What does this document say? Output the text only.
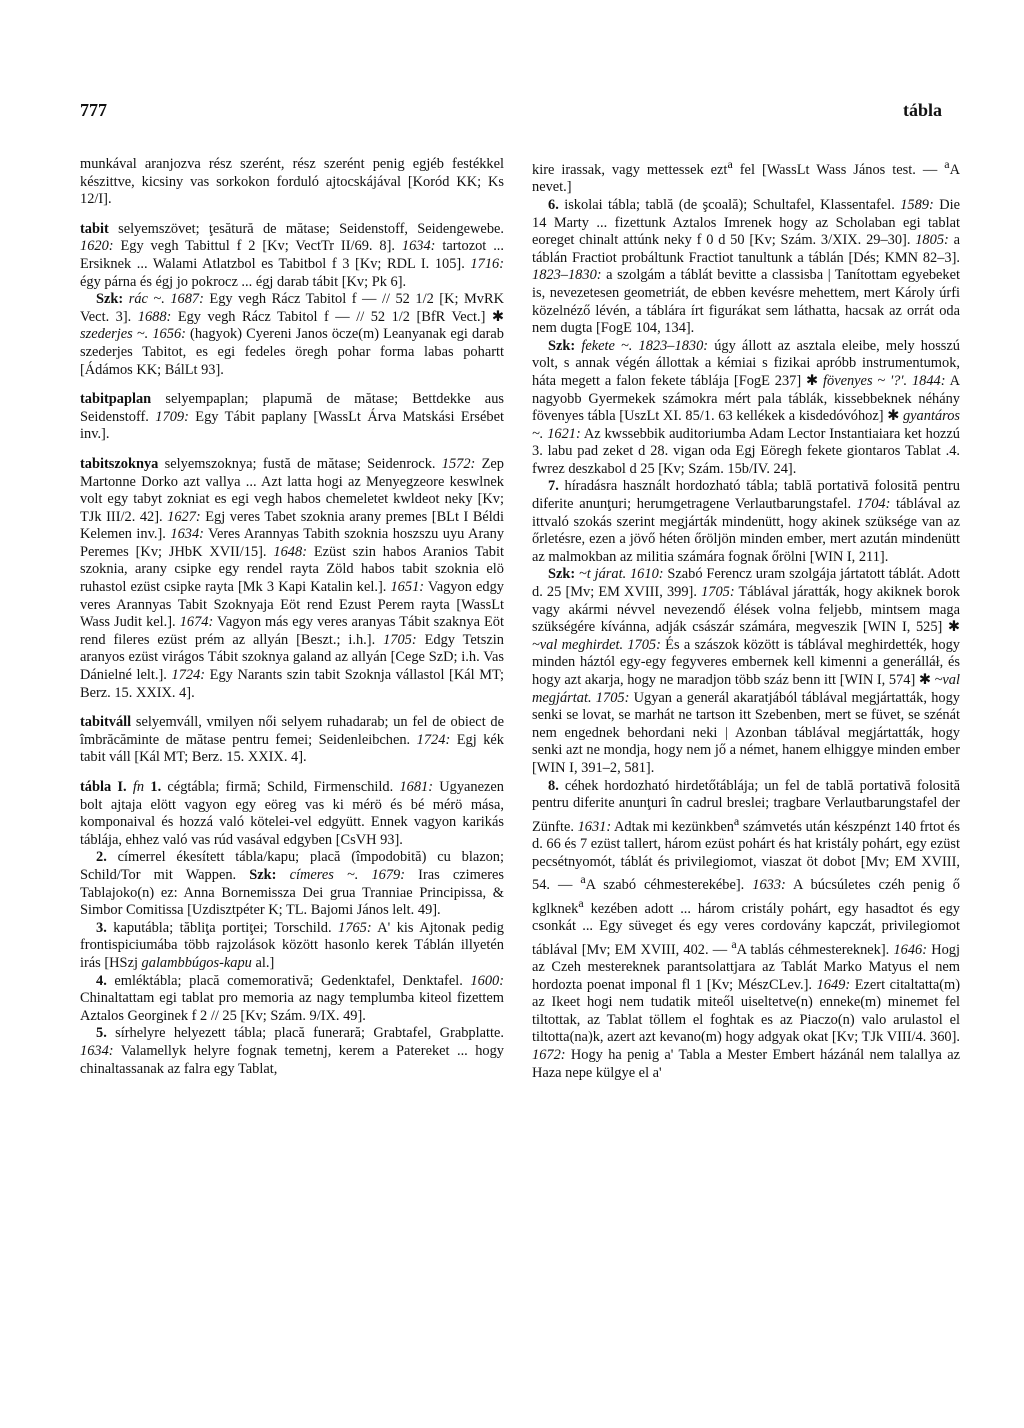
777	tábla

munkával aranjozva rész szerént, rész szerént penig egjéb festékkel készittve, kicsiny vas sorkokon forduló ajtocskájával [Koród KK; Ks 12/I].

tabit selyemszövet; ţesătură de mătase; Seidenstoff, Seidengewebe. 1620: Egy vegh Tabittul f 2 [Kv; VectTr II/69. 8]. 1634: tartozot ... Ersiknek ... Walami Atlatzbol es Tabitbol f 3 [Kv; RDL I. 105]. 1716: égy párna és égj jo pokrocz ... égj darab tábit [Kv; Pk 6].

Szk: rác ~. 1687: Egy vegh Rácz Tabitol f — // 52 1/2 [K; MvRK Vect. 3]. 1688: Egy vegh Rácz Tabitol f — // 52 1/2 [BfR Vect.] ✱ szederjes ~. 1656: (hagyok) Cyereni Janos öcze(m) Leanyanak egi darab szederjes Tabitot, es egi fedeles öregh pohar forma labas pohartt [Ádámos KK; BálLt 93].

tabitpaplan selyempaplan; plapumă de mătase; Bettdekke aus Seidenstoff. 1709: Egy Tábit paplany [WassLt Árva Matskási Ersébet inv.].

tabitszoknya selyemszoknya; fustă de mătase; Seidenrock. 1572: Zep Martonne Dorko azt vallya ... Azt latta hogi az Menyegzeore keswlnek volt egy tabyt zokniat es egi vegh habos chemeletet kwldeot neky [Kv; TJk III/2. 42]. 1627: Egj veres Tabet szoknia arany premes [BLt I Béldi Kelemen inv.]. 1634: Veres Arannyas Tabith szoknia hoszszu uyu Arany Peremes [Kv; JHbK XVII/15]. 1648: Ezüst szin habos Aranios Tabit szoknia, arany csipke egy rendel rayta Zöld habos tabit szoknia elö ruhastol ezüst csipke rayta [Mk 3 Kapi Katalin kel.]. 1651: Vagyon edgy veres Arannyas Tabit Szoknyaja Eöt rend Ezust Perem rayta [WassLt Wass Judit kel.]. 1674: Vagyon más egy veres aranyas Tábit szaknya Eöt rend fileres ezüst prém az allyán [Beszt.; i.h.]. 1705: Edgy Tetszin aranyos ezüst virágos Tábit szoknya galand az allyán [Cege SzD; i.h. Vas Dánielné lelt.]. 1724: Egy Narants szin tabit Szoknja vállastol [Kál MT; Berz. 15. XXIX. 4].

tabitváll selyemváll, vmilyen női selyem ruhadarab; un fel de obiect de îmbrăcăminte de mătase pentru femei; Seidenleibchen. 1724: Egj kék tabit váll [Kál MT; Berz. 15. XXIX. 4].

tábla I. fn 1. cégtábla; firmă; Schild, Firmenschild. 1681: Ugyanezen bolt ajtaja elött vagyon egy eöreg vas ki mérö és bé mérö mása, komponaival és hozzá való kötelei-vel edgyütt. Ennek vagyon karikás táblája, ehhez való vas rúd vasával edgyben [CsVH 93].

2. címerrel ékesített tábla/kapu; placă (împodobită) cu blazon; Schild/Tor mit Wappen. Szk: címeres ~. 1679: Iras czimeres Tablajoko(n) ez: Anna Bornemissza Dei grua Tranniae Principissa, & Simbor Comitissa [Uzdisztpéter K; TL. Bajomi János lelt. 49].

3. kaputábla; tăbliţa portiţei; Torschild. 1765: A' kis Ajtonak pedig frontispiciumába több rajzolások között hasonlo kerek Táblán illyetén irás [HSzj galambbúgos-kapu al.]

4. emléktábla; placă comemorativă; Gedenktafel, Denktafel. 1600: Chinaltattam egi tablat pro memoria az nagy templumba kiteol fizettem Aztalos Georginek f 2 // 25 [Kv; Szám. 9/IX. 49].

5. sírhelyre helyezett tábla; placă funerară; Grabtafel, Grabplatte. 1634: Valamellyk helyre fognak temetnj, kerem a Patereket ... hogy chinaltassanak az falra egy Tablat,

kire irassak, vagy mettessek ezt$^a$ fel [WassLt Wass János test. — $^a$A nevet.]

6. iskolai tábla; tablă (de şcoală); Schultafel, Klassentafel. 1589: Die 14 Marty ... fizettunk Aztalos Imrenek hogy az Scholaban egi tablat eoreget chinalt attúnk neky f 0 d 50 [Kv; Szám. 3/XIX. 29–30]. 1805: a táblán Fractiot probáltunk Fractiot tanultunk a táblán [Dés; KMN 82–3]. 1823–1830: a szolgám a táblát bevitte a classisba | Tanítottam egyebeket is, nevezetesen geometriát, de ebben kevésre mehettem, mert Károly úrfi közelnéző lévén, a táblára írt figurákat sem láthatta, hacsak az orrát oda nem dugta [FogE 104, 134].

Szk: fekete ~. 1823–1830: úgy állott az asztala eleibe, mely hosszú volt, s annak végén állottak a kémiai s fizikai apróbb instrumentumok, háta megett a falon fekete táblája [FogE 237] ✱ fövenyes ~ '?'. 1844: A nagyobb Gyermekek számokra mért pala táblák, kissebbeknek néhány fövenyes tábla [UszLt XI. 85/1. 63 kellékek a kisdedóvóhoz] ✱ gyantáros ~. 1621: Az kwssebbik auditoriumba Adam Lector Instantiaiara ket hozzú 3. labu pad zeket d 28. vigan oda Egj Eöregh fekete giontaros Tablat .4. fwrez deszkabol d 25 [Kv; Szám. 15b/IV. 24].

7. híradásra használt hordozható tábla; tablă portativă folosită pentru diferite anunţuri; herumgetragene Verlautbarungstafel. 1704: táblával az ittvaló szokás szerint megjárták mindenütt, hogy akinek szüksége van az őrletésre, ezen a jövő héten őröljön minden ember, mert azután mindenütt az malmokban az militia számára fognak őrölni [WIN I, 211].

Szk: ~t járat. 1610: Szabó Ferencz uram szolgája jártatott táblát. Adott d. 25 [Mv; EM XVIII, 399]. 1705: Táblával járatták, hogy akiknek borok vagy akármi névvel nevezendő élések volna feljebb, mintsem maga szükségére kívánna, adják császár számára, megveszik [WIN I, 525] ✱ ~val meghirdet. 1705: És a szászok között is táblával meghirdették, hogy minden háztól egy-egy fegyveres embernek kell kimenni a generálláł, és hogy azt akarja, hogy ne maradjon több száz benn itt [WIN I, 574] ✱ ~val megjártat. 1705: Ugyan a generál akaratjából táblával megjártatták, hogy senki se lovat, se marhát ne tartson itt Szebenben, mert se füvet, se szénát nem engednek behordani neki | Azonban táblával megjártatták, hogy senki azt ne mondja, hogy nem jő a német, hanem elhiggye minden ember [WIN I, 391–2, 581].

8. céhek hordozható hirdetőtáblája; un fel de tablă portativă folosită pentru diferite anunţuri în cadrul breslei; tragbare Verlautbarungstafel der Zünfte. 1631: Adtak mi kezünkben$^a$ számvetés után készpénzt 140 frtot és d. 66 és 7 ezüst tallert, három ezüst pohárt és hat kristály pohárt, egy ezüst pecsétnyomót, táblát és privilegiomot, viaszat öt dobot [Mv; EM XVIII, 54. — $^a$A szabó céhmesterekébe]. 1633: A búcsúletes czéh penig ő kglknek$^a$ kezében adott ... három cristály pohárt, egy hasadtot és egy csonkát ... Egy süveget és egy veres cordovány kapczát, privilegiomot táblával [Mv; EM XVIII, 402. — $^a$A tablás céhmestereknek]. 1646: Hogj az Czeh mestereknek parantsolattjara az Tablát Marko Matyus el nem hordozta poenat imponal fl 1 [Kv; MészCLev.]. 1649: Ezert citaltatta(m) az Ikeet hogi nem tudatik miteől uiseltetve(n) enneke(m) minemet fel tiltottak, az Tablat töllem el foghtak es az Piaczo(n) valo arulastol el tiltotta(na)k, azert azt kevano(m) hogy adgyak okat [Kv; TJk VIII/4. 360]. 1672: Hogy ha penig a' Tabla a Mester Embert házánál nem talallya az Haza nepe külgye el a'
